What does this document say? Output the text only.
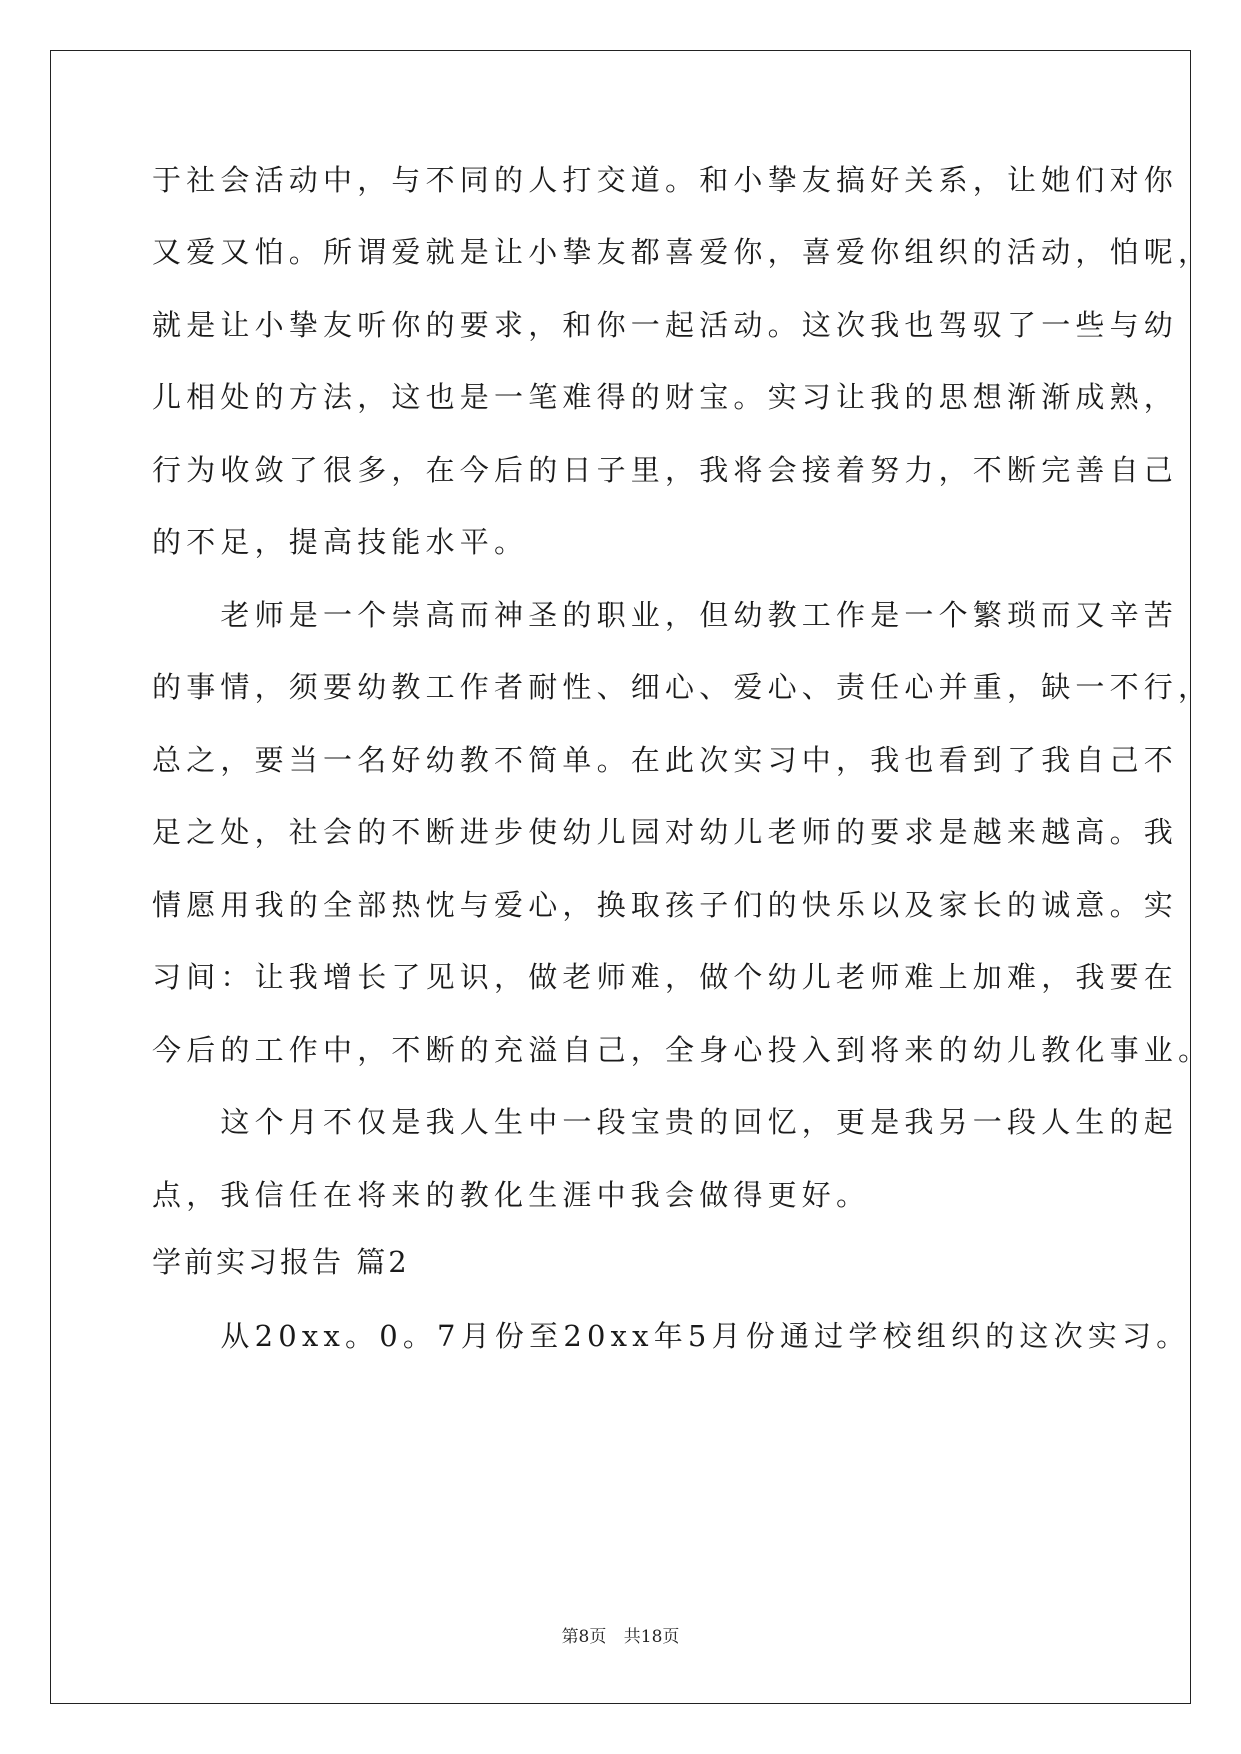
于社会活动中，与不同的人打交道。和小挚友搞好关系，让她们对你
又爱又怕。所谓爱就是让小挚友都喜爱你，喜爱你组织的活动，怕呢，
就是让小挚友听你的要求，和你一起活动。这次我也驾驭了一些与幼
儿相处的方法，这也是一笔难得的财宝。实习让我的思想渐渐成熟，
行为收敛了很多，在今后的日子里，我将会接着努力，不断完善自己
的不足，提高技能水平。
　　老师是一个崇高而神圣的职业，但幼教工作是一个繁琐而又辛苦
的事情，须要幼教工作者耐性、细心、爱心、责任心并重，缺一不行，
总之，要当一名好幼教不简单。在此次实习中，我也看到了我自己不
足之处，社会的不断进步使幼儿园对幼儿老师的要求是越来越高。我
情愿用我的全部热忱与爱心，换取孩子们的快乐以及家长的诚意。实
习间：让我增长了见识，做老师难，做个幼儿老师难上加难，我要在
今后的工作中，不断的充溢自己，全身心投入到将来的幼儿教化事业。
　　这个月不仅是我人生中一段宝贵的回忆，更是我另一段人生的起
点，我信任在将来的教化生涯中我会做得更好。
学前实习报告 篇2
　　从20xx。0。7月份至20xx年5月份通过学校组织的这次实习。
第8页 共18页
